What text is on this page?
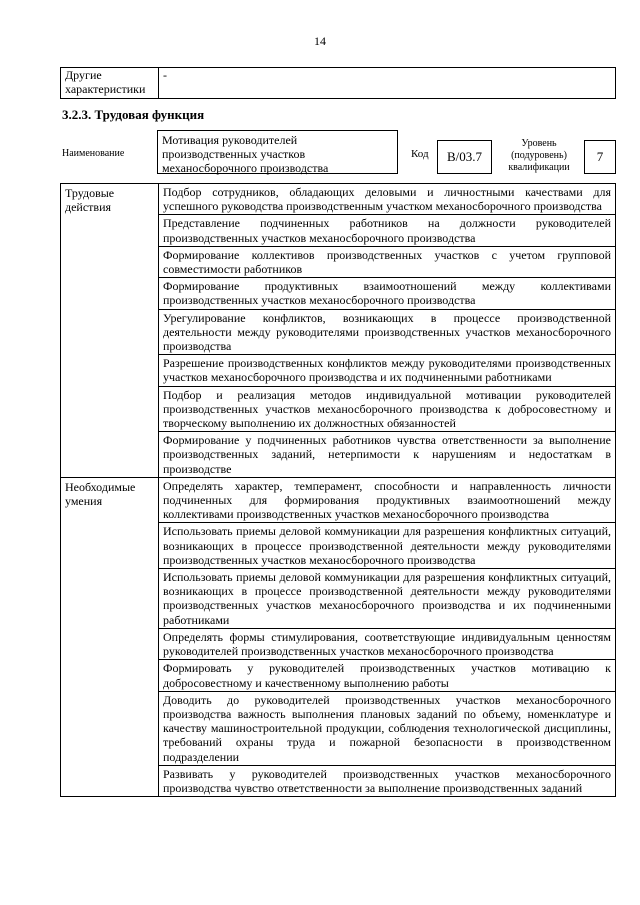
14
Другие характеристики	-
3.2.3. Трудовая функция
Наименование
Мотивация руководителей производственных участков механосборочного производства
Код	В/03.7
Уровень (подуровень) квалификации
7
Трудовые действия	Подбор сотрудников, обладающих деловыми и личностными качествами для успешного руководства производственным участком механосборочного производства
	Представление подчиненных работников на должности руководителей производственных участков механосборочного производства
	Формирование коллективов производственных участков с учетом групповой совместимости работников
	Формирование продуктивных взаимоотношений между коллективами производственных участков механосборочного производства
	Урегулирование конфликтов, возникающих в процессе производственной деятельности между руководителями производственных участков механосборочного производства
	Разрешение производственных конфликтов между руководителями производственных участков механосборочного производства и их подчиненными работниками
	Подбор и реализация методов индивидуальной мотивации руководителей производственных участков механосборочного производства к добросовестному и творческому выполнению их должностных обязанностей
	Формирование у подчиненных работников чувства ответственности за выполнение производственных заданий, нетерпимости к нарушениям и недостаткам в производстве
Необходимые умения	Определять характер, темперамент, способности и направленность личности подчиненных для формирования продуктивных взаимоотношений между коллективами производственных участков механосборочного производства
	Использовать приемы деловой коммуникации для разрешения конфликтных ситуаций, возникающих в процессе производственной деятельности между руководителями производственных участков механосборочного производства
	Использовать приемы деловой коммуникации для разрешения конфликтных ситуаций, возникающих в процессе производственной деятельности между руководителями производственных участков механосборочного производства и их подчиненными работниками
	Определять формы стимулирования, соответствующие индивидуальным ценностям руководителей производственных участков механосборочного производства
	Формировать у руководителей производственных участков мотивацию к добросовестному и качественному выполнению работы
	Доводить до руководителей производственных участков механосборочного производства важность выполнения плановых заданий по объему, номенклатуре и качеству машиностроительной продукции, соблюдения технологической дисциплины, требований охраны труда и пожарной безопасности в производственном подразделении
	Развивать у руководителей производственных участков механосборочного производства чувство ответственности за выполнение производственных заданий
